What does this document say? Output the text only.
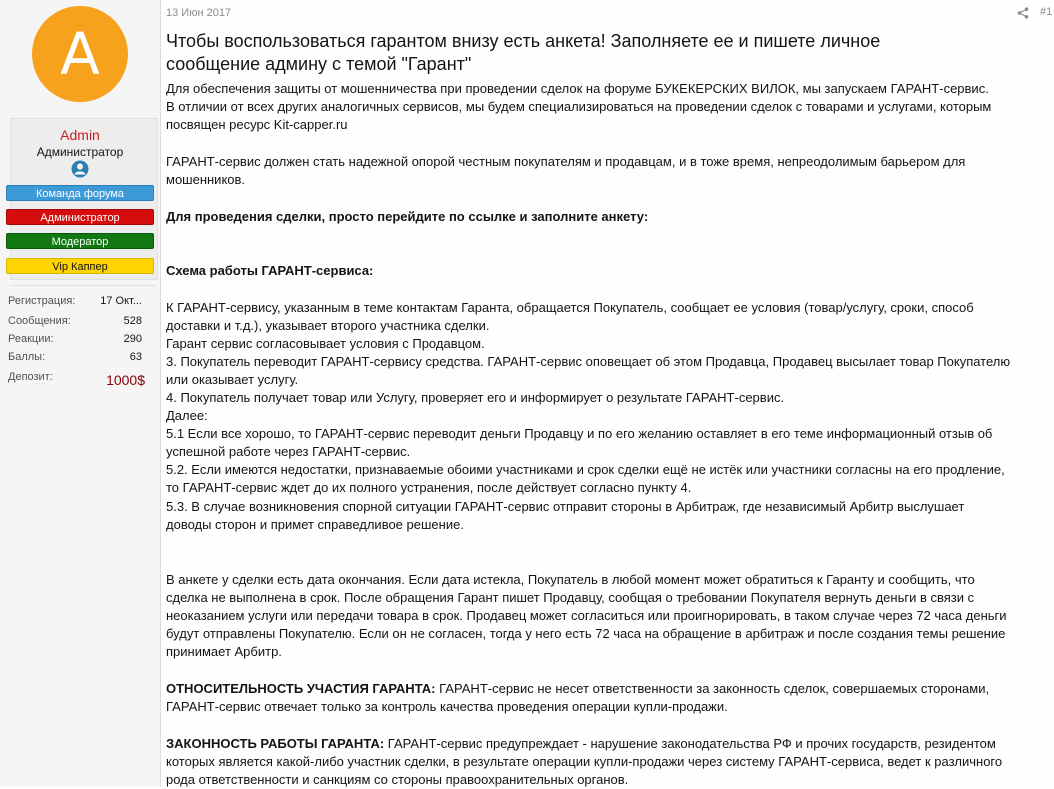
A
Admin
Администратор
Команда форума
Администратор
Модератор
Vip Каппер
Регистрация: 17 Окт...
Сообщения:	528
Реакции:	290
Баллы:	63
Депозит:	1000$
13 Июн 2017	#1
Чтобы воспользоваться гарантом внизу есть анкета! Заполняете ее и пишете личное
сообщение админу с темой "Гарант"
Для обеспечения защиты от мошенничества при проведении сделок на форуме БУКЕКЕРСКИХ ВИЛОК, мы запускаем ГАРАНТ-сервис.
В отличии от всех других аналогичных сервисов, мы будем специализироваться на проведении сделок с товарами и услугами, которым
посвящен ресурс Kit-capper.ru
ГАРАНТ-сервис должен стать надежной опорой честным покупателям и продавцам, и в тоже время, непреодолимым барьером для
мошенников.
Для проведения сделки, просто перейдите по ссылке и заполните анкету:
Схема работы ГАРАНТ-сервиса:
К ГАРАНТ-сервису, указанным в теме контактам Гаранта, обращается Покупатель, сообщает ее условия (товар/услугу, сроки, способ
доставки и т.д.), указывает второго участника сделки.
Гарант сервис согласовывает условия с Продавцом.
3. Покупатель переводит ГАРАНТ-сервису средства. ГАРАНТ-сервис оповещает об этом Продавца, Продавец высылает товар Покупателю
или оказывает услугу.
4. Покупатель получает товар или Услугу, проверяет его и информирует о результате ГАРАНТ-сервис.
Далее:
5.1 Если все хорошо, то ГАРАНТ-сервис переводит деньги Продавцу и по его желанию оставляет в его теме информационный отзыв об
успешной работе через ГАРАНТ-сервис.
5.2. Если имеются недостатки, признаваемые обоими участниками и срок сделки ещё не истёк или участники согласны на его продление,
то ГАРАНТ-сервис ждет до их полного устранения, после действует согласно пункту 4.
5.3. В случае возникновения спорной ситуации ГАРАНТ-сервис отправит стороны в Арбитраж, где независимый Арбитр выслушает
доводы сторон и примет справедливое решение.
В анкете у сделки есть дата окончания. Если дата истекла, Покупатель в любой момент может обратиться к Гаранту и сообщить, что
сделка не выполнена в срок. После обращения Гарант пишет Продавцу, сообщая о требовании Покупателя вернуть деньги в связи с
неоказанием услуги или передачи товара в срок. Продавец может согласиться или проигнорировать, в таком случае через 72 часа деньги
будут отправлены Покупателю. Если он не согласен, тогда у него есть 72 часа на обращение в арбитраж и после создания темы решение
принимает Арбитр.
ОТНОСИТЕЛЬНОСТЬ УЧАСТИЯ ГАРАНТА: ГАРАНТ-сервис не несет ответственности за законность сделок, совершаемых сторонами,
ГАРАНТ-сервис отвечает только за контроль качества проведения операции купли-продажи.
ЗАКОННОСТЬ РАБОТЫ ГАРАНТА: ГАРАНТ-сервис предупреждает - нарушение законодательства РФ и прочих государств, резидентом
которых является какой-либо участник сделки, в результате операции купли-продажи через систему ГАРАНТ-сервиса, ведет к различного
рода ответственности и санкциям со стороны правоохранительных органов.
